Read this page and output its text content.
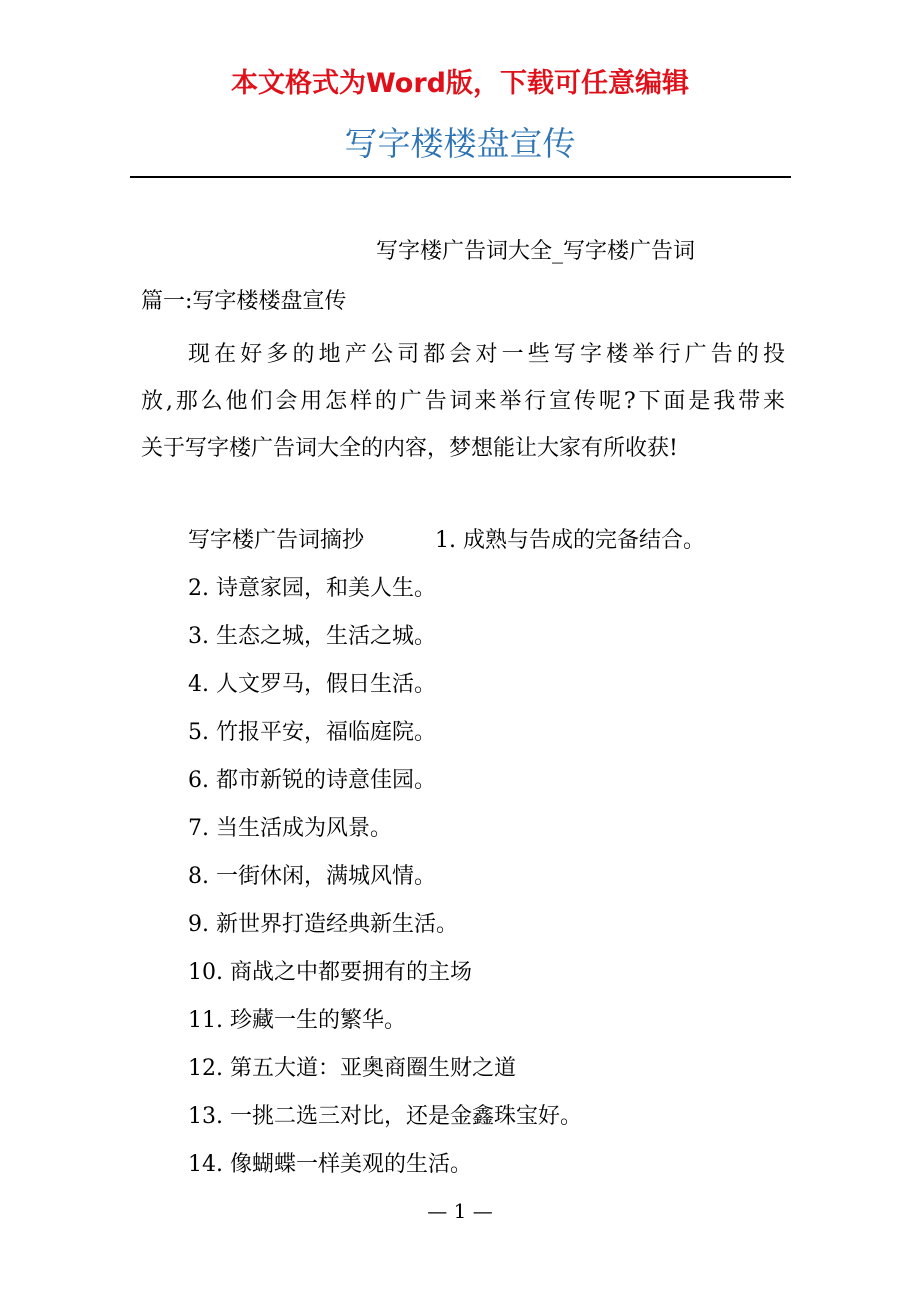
本文格式为Word版，下载可任意编辑
写字楼楼盘宣传
写字楼广告词大全_写字楼广告词
篇一:写字楼楼盘宣传
现在好多的地产公司都会对一些写字楼举行广告的投
放,那么他们会用怎样的广告词来举行宣传呢?下面是我带来
关于写字楼广告词大全的内容，梦想能让大家有所收获!
写字楼广告词摘抄	1. 成熟与告成的完备结合。
2. 诗意家园，和美人生。
3. 生态之城，生活之城。
4. 人文罗马，假日生活。
5. 竹报平安，福临庭院。
6. 都市新锐的诗意佳园。
7. 当生活成为风景。
8. 一街休闲，满城风情。
9. 新世界打造经典新生活。
10. 商战之中都要拥有的主场
11. 珍藏一生的繁华。
12. 第五大道：亚奥商圈生财之道
13. 一挑二选三对比，还是金鑫珠宝好。
14. 像蝴蝶一样美观的生活。
— 1 —
